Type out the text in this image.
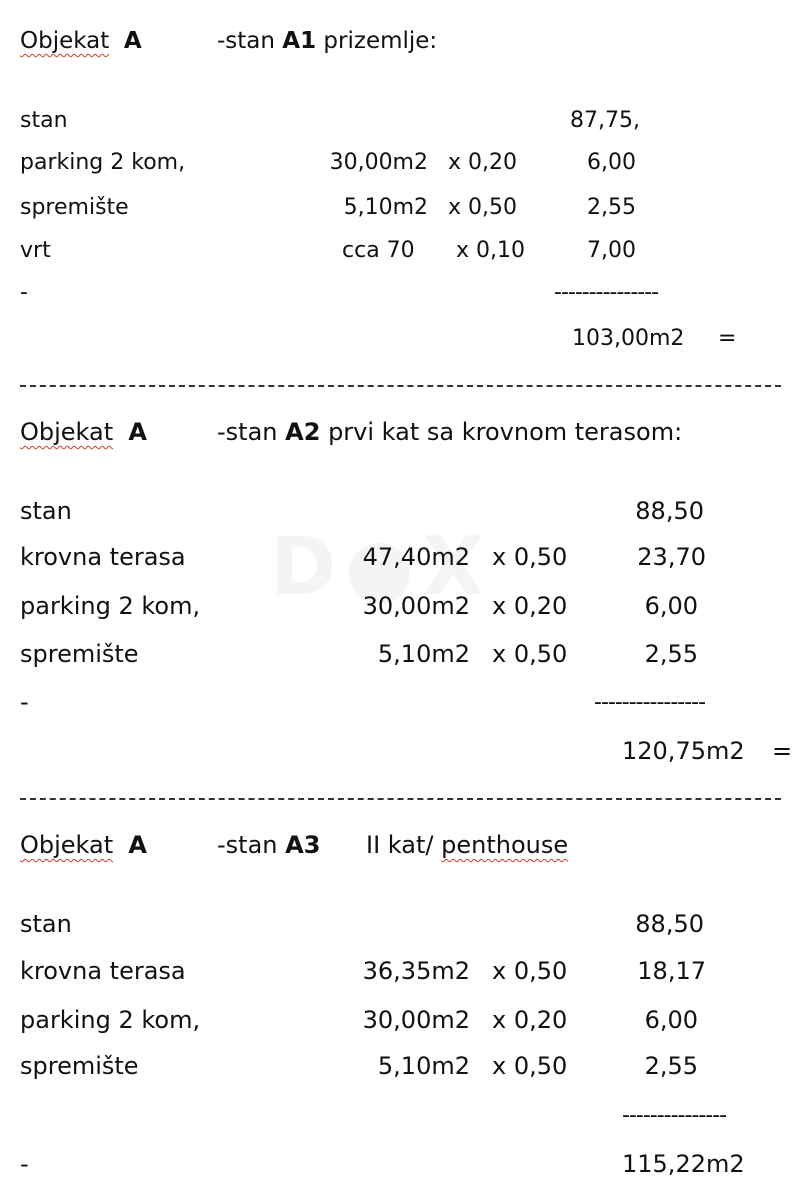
Objekat A	-stan A1 prizemlje:
stan	87,75,
parking 2 kom,	30,00m2 x 0,20	6,00
spremište	5,10m2 x 0,50	2,55
vrt	cca 70 x 0,10	7,00
-	---------------
103,00m2 =
Objekat A	-stan A2 prvi kat sa krovnom terasom:
stan	88,50
krovna terasa	47,40m2 x 0,50	23,70
parking 2 kom,	30,00m2 x 0,20	6,00
spremište	5,10m2 x 0,50	2,55
-	----------------
120,75m2 =
Objekat A	-stan A3 II kat/ penthouse
stan	88,50
krovna terasa	36,35m2 x 0,50	18,17
parking 2 kom,	30,00m2 x 0,20	6,00
spremište	5,10m2 x 0,50	2,55
---------------
-	115,22m2
